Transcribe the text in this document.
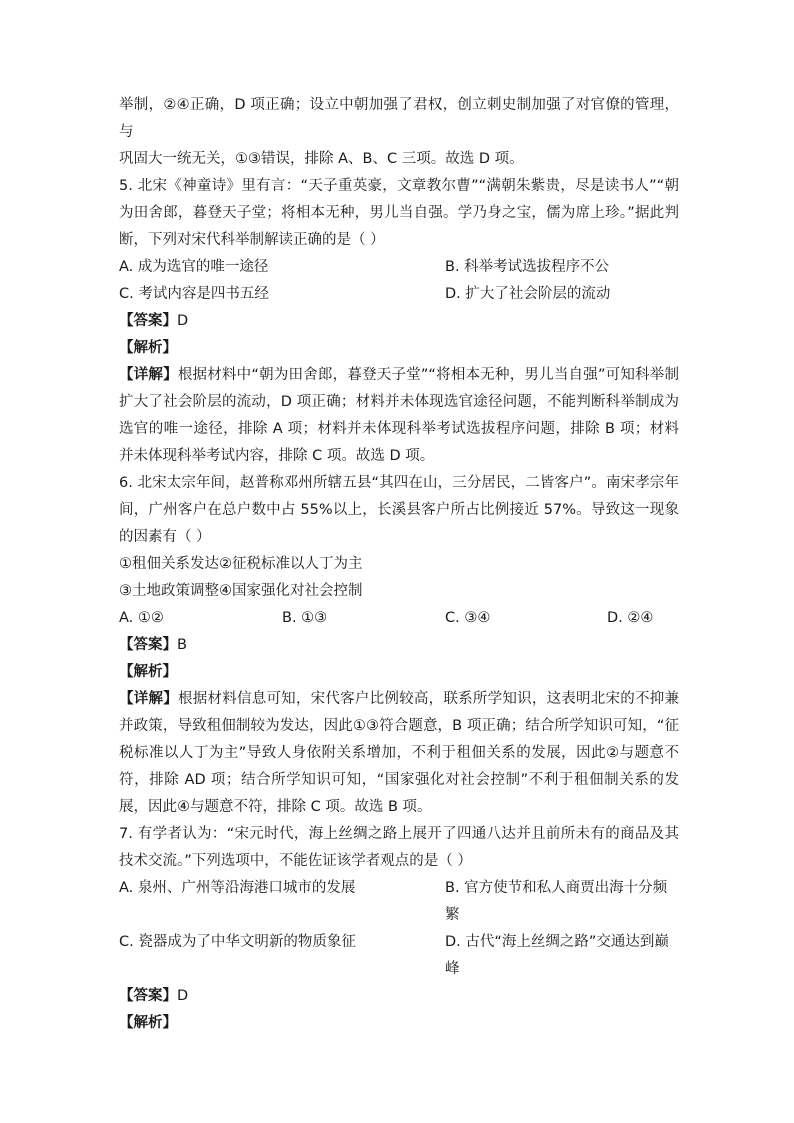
举制，②④正确，D 项正确；设立中朝加强了君权，创立刺史制加强了对官僚的管理，与
巩固大一统无关，①③错误，排除 A、B、C 三项。故选 D 项。

5. 北宋《神童诗》里有言：“天子重英豪，文章教尔曹”“满朝朱紫贵，尽是读书人”“朝为田舍郎，暮登天子堂；将相本无种，男儿当自强。学乃身之宝，儒为席上珍。”据此判断，下列对宋代科举制解读正确的是（ ）

A. 成为选官的唯一途径	B. 科举考试选拔程序不公
C. 考试内容是四书五经	D. 扩大了社会阶层的流动

【答案】D

【解析】

【详解】根据材料中“朝为田舍郎，暮登天子堂”“将相本无种，男儿当自强”可知科举制扩大了社会阶层的流动，D 项正确；材料并未体现选官途径问题，不能判断科举制成为选官的唯一途径，排除 A 项；材料并未体现科举考试选拔程序问题，排除 B 项；材料并未体现科举考试内容，排除 C 项。故选 D 项。

6. 北宋太宗年间，赵普称邓州所辖五县“其四在山，三分居民，二皆客户”。南宋孝宗年间，广州客户在总户数中占 55%以上，长溪县客户所占比例接近 57%。导致这一现象的因素有（ ）

①租佃关系发达②征税标准以人丁为主

③土地政策调整④国家强化对社会控制

A. ①②	B. ①③	C. ③④	D. ②④

【答案】B

【解析】

【详解】根据材料信息可知，宋代客户比例较高，联系所学知识，这表明北宋的不抑兼并政策，导致租佃制较为发达，因此①③符合题意，B 项正确；结合所学知识可知，“征税标准以人丁为主”导致人身依附关系增加，不利于租佃关系的发展，因此②与题意不符，排除 AD 项；结合所学知识可知，“国家强化对社会控制”不利于租佃制关系的发展，因此④与题意不符，排除 C 项。故选 B 项。

7. 有学者认为：“宋元时代，海上丝绸之路上展开了四通八达并且前所未有的商品及其技术交流。”下列选项中，不能佐证该学者观点的是（ ）

A. 泉州、广州等沿海港口城市的发展	B. 官方使节和私人商贾出海十分频繁
C. 瓷器成为了中华文明新的物质象征	D. 古代“海上丝绸之路”交通达到巅峰

【答案】D

【解析】
